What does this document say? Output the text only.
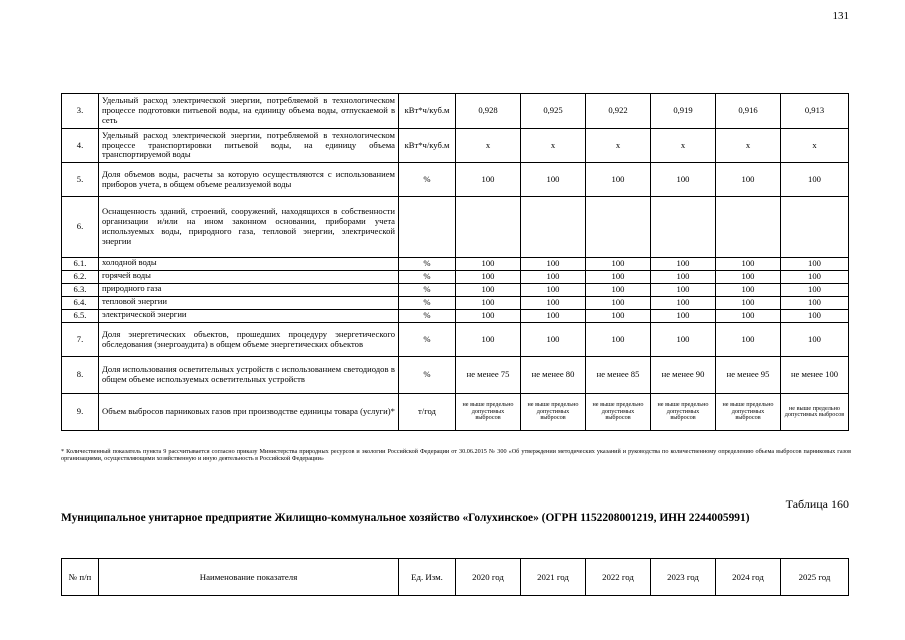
131
3.	Удельный расход электрической энергии, потребляемой в технологическом процессе подготовки питьевой воды, на единицу объема воды, отпускаемой в сеть	кВт*ч/куб.м	0,928	0,925	0,922	0,919	0,916	0,913
4.	Удельный расход электрической энергии, потребляемой в технологическом процессе транспортировки питьевой воды, на единицу объема транспортируемой воды	кВт*ч/куб.м	x	x	x	x	x	x
5.	Доля объемов воды, расчеты за которую осуществляются с использованием приборов учета, в общем объеме реализуемой воды	%	100	100	100	100	100	100
6.	Оснащенность зданий, строений, сооружений, находящихся в собственности организации и/или на ином законном основании, приборами учета используемых воды, природного газа, тепловой энергии, электрической энергии							
6.1.	холодной воды	%	100	100	100	100	100	100
6.2.	горячей воды	%	100	100	100	100	100	100
6.3.	природного газа	%	100	100	100	100	100	100
6.4.	тепловой энергии	%	100	100	100	100	100	100
6.5.	электрической энергии	%	100	100	100	100	100	100
7.	Доля энергетических объектов, прошедших процедуру энергетического обследования (энергоаудита) в общем объеме энергетических объектов	%	100	100	100	100	100	100
8.	Доля использования осветительных устройств с использованием светодиодов в общем объеме используемых осветительных устройств	%	не менее 75	не менее 80	не менее 85	не менее 90	не менее 95	не менее 100
9.	Объем выбросов парниковых газов при производстве единицы товара (услуги)*	т/год	не выше предельно допустимых выбросов	не выше предельно допустимых выбросов	не выше предельно допустимых выбросов	не выше предельно допустимых выбросов	не выше предельно допустимых выбросов	не выше предельно допустимых выбросов
* Количественный показатель пункта 9 рассчитывается согласно приказу Министерства природных ресурсов и экологии Российской Федерации от 30.06.2015 № 300 «Об утверждении методических указаний и руководства по количественному определению объема выбросов парниковых газов организациями, осуществляющими хозяйственную и иную деятельность в Российской Федерации»
Таблица 160
Муниципальное унитарное предприятие Жилищно-коммунальное хозяйство «Голухинское» (ОГРН 1152208001219, ИНН 2244005991)
№ п/п	Наименование показателя	Ед. Изм.	2020 год	2021 год	2022 год	2023 год	2024 год	2025 год
